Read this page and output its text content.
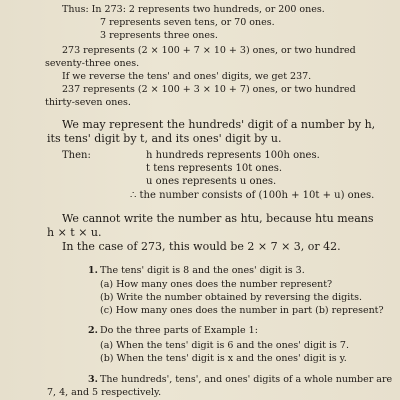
Thus: In 273: 2 represents two hundreds, or 200 ones.
7 represents seven tens, or 70 ones.
3 represents three ones.
273 represents (2 × 100 + 7 × 10 + 3) ones, or two hundred
seventy-three ones.
If we reverse the tens' and ones' digits, we get 237.
237 represents (2 × 100 + 3 × 10 + 7) ones, or two hundred
thirty-seven ones.
We may represent the hundreds' digit of a number by h,
its tens' digit by t, and its ones' digit by u.
Then:	h hundreds represents 100h ones.
t tens represents 10t ones.
u ones represents u ones.
∴ the number consists of (100h + 10t + u) ones.
We cannot write the number as htu, because htu means
h × t × u.
In the case of 273, this would be 2 × 7 × 3, or 42.
1. The tens' digit is 8 and the ones' digit is 3.
(a) How many ones does the number represent?
(b) Write the number obtained by reversing the digits.
(c) How many ones does the number in part (b) represent?
2. Do the three parts of Example 1:
(a) When the tens' digit is 6 and the ones' digit is 7.
(b) When the tens' digit is x and the ones' digit is y.
3. The hundreds', tens', and ones' digits of a whole number are
7, 4, and 5 respectively.
